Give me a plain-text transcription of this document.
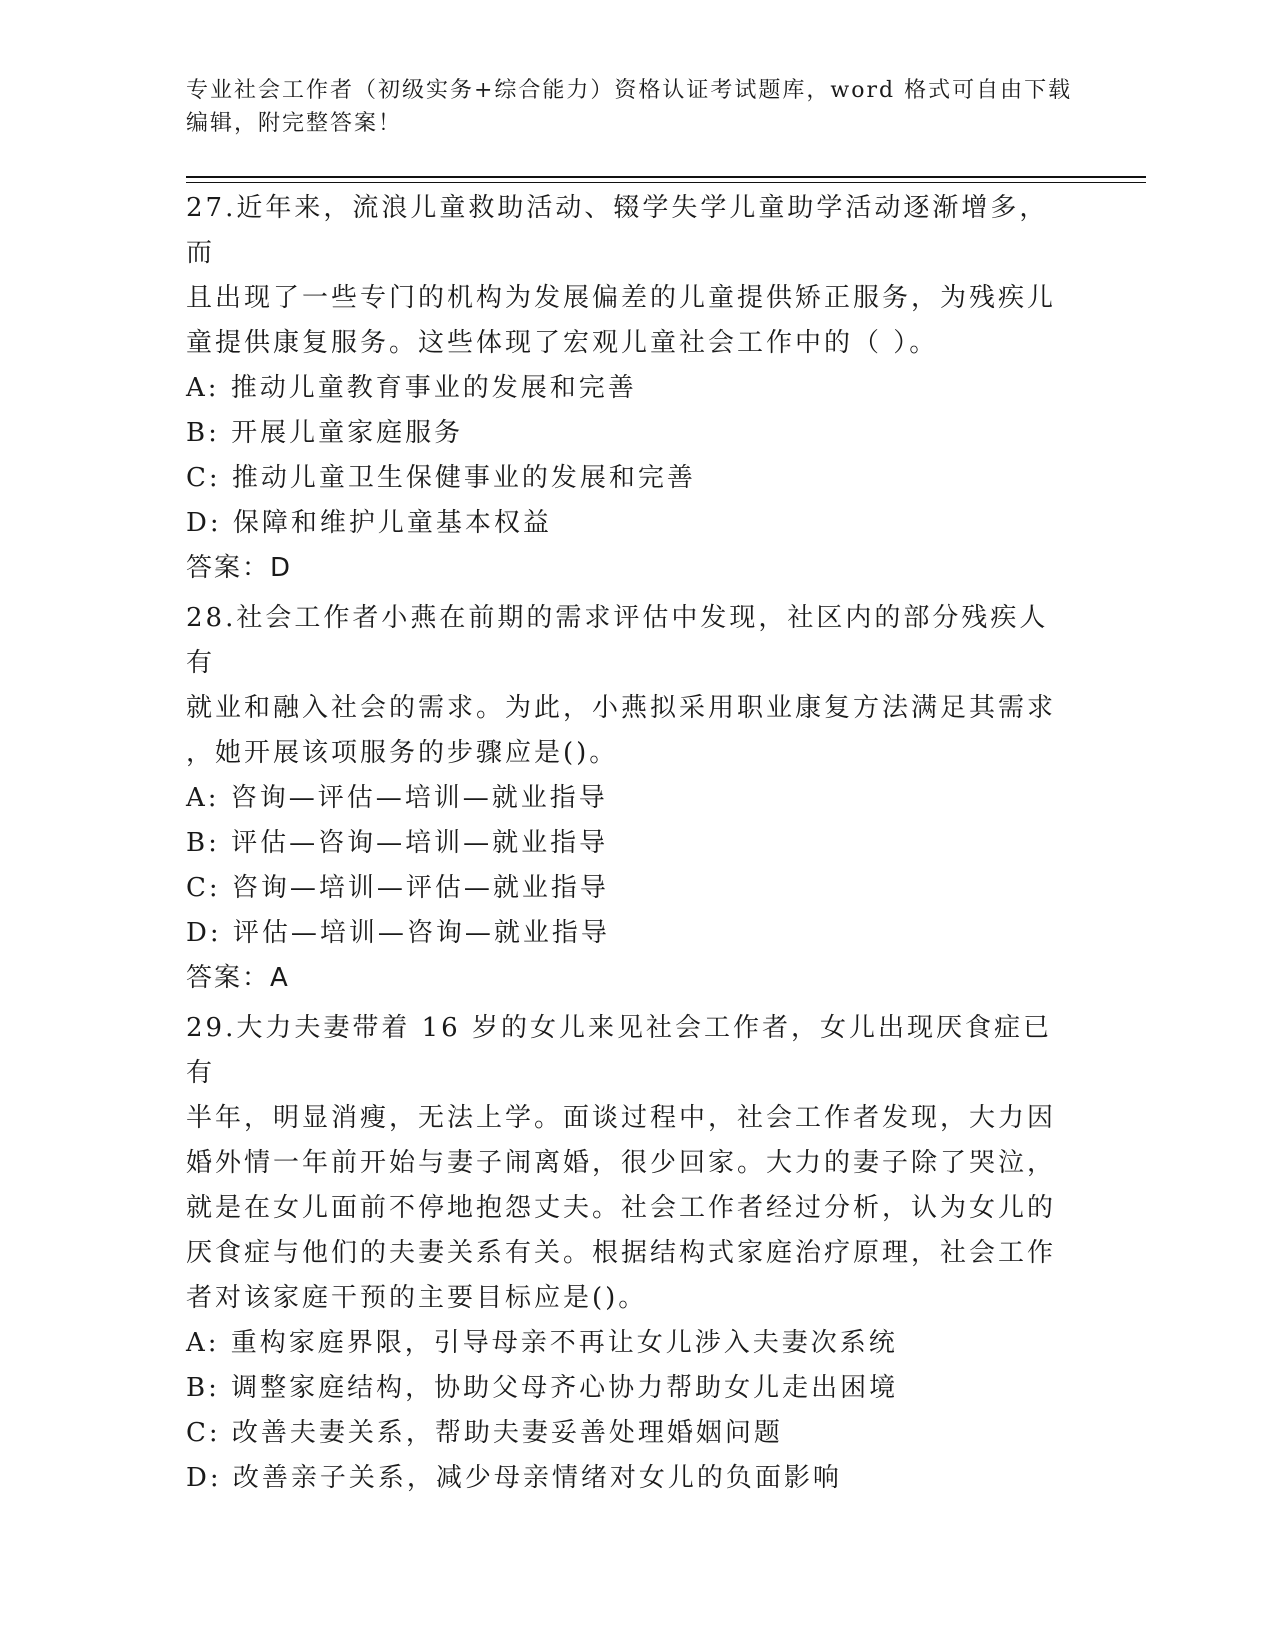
专业社会工作者（初级实务+综合能力）资格认证考试题库，word 格式可自由下载
编辑，附完整答案！
27.近年来，流浪儿童救助活动、辍学失学儿童助学活动逐渐增多，而
且出现了一些专门的机构为发展偏差的儿童提供矫正服务，为残疾儿
童提供康复服务。这些体现了宏观儿童社会工作中的（ ）。
A: 推动儿童教育事业的发展和完善
B: 开展儿童家庭服务
C: 推动儿童卫生保健事业的发展和完善
D: 保障和维护儿童基本权益
答案：D
28.社会工作者小燕在前期的需求评估中发现，社区内的部分残疾人有
就业和融入社会的需求。为此，小燕拟采用职业康复方法满足其需求
，她开展该项服务的步骤应是()。
A: 咨询—评估—培训—就业指导
B: 评估—咨询—培训—就业指导
C: 咨询—培训—评估—就业指导
D: 评估—培训—咨询—就业指导
答案：A
29.大力夫妻带着 16 岁的女儿来见社会工作者，女儿出现厌食症已有
半年，明显消瘦，无法上学。面谈过程中，社会工作者发现，大力因
婚外情一年前开始与妻子闹离婚，很少回家。大力的妻子除了哭泣，
就是在女儿面前不停地抱怨丈夫。社会工作者经过分析，认为女儿的
厌食症与他们的夫妻关系有关。根据结构式家庭治疗原理，社会工作
者对该家庭干预的主要目标应是()。
A: 重构家庭界限，引导母亲不再让女儿涉入夫妻次系统
B: 调整家庭结构，协助父母齐心协力帮助女儿走出困境
C: 改善夫妻关系，帮助夫妻妥善处理婚姻问题
D: 改善亲子关系，减少母亲情绪对女儿的负面影响
